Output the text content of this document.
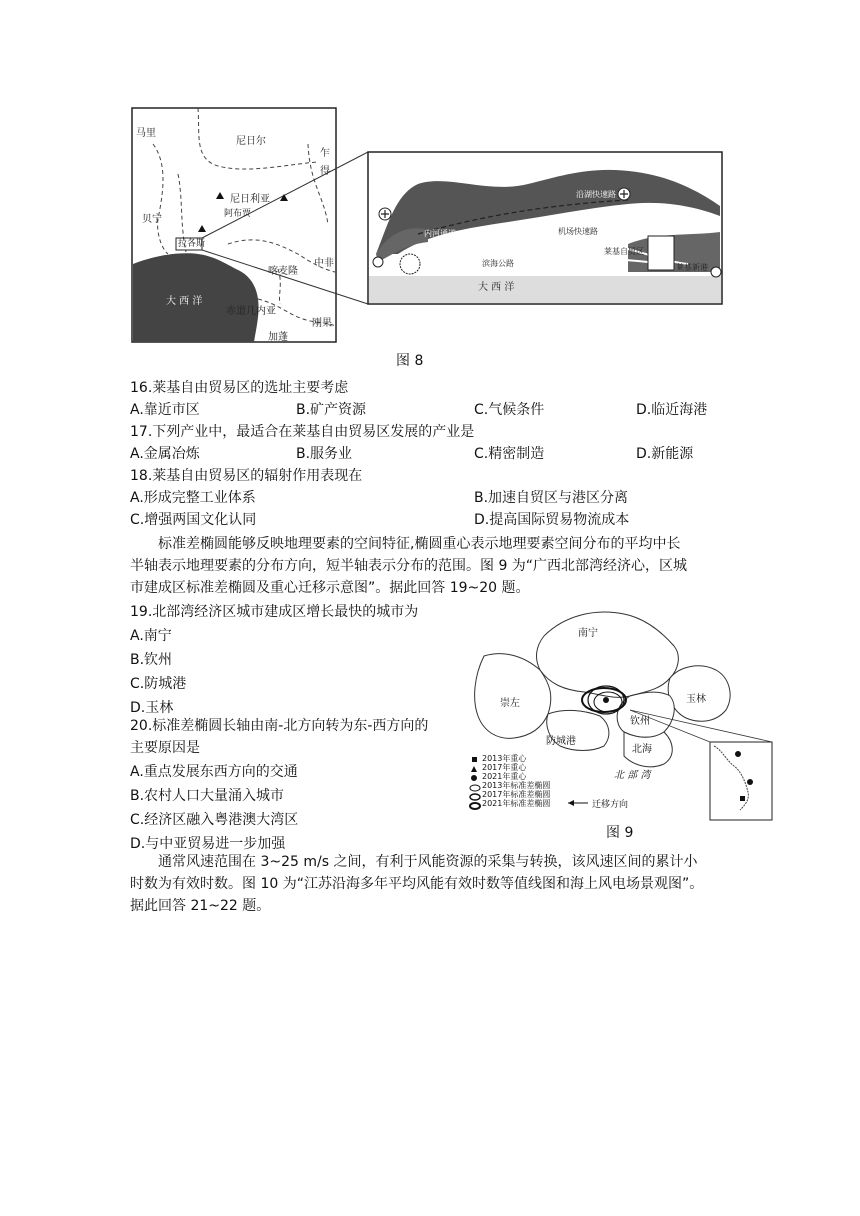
马里
尼日尔
乍
得
贝宁
尼日利亚
阿布贾
拉各斯
中非
喀麦隆
大 西 洋
赤道几内亚
刚果
加蓬
沿湖快速路
莱基国际机场
机场快速路
内河通道
滨海公路
莱基自贸区
莱基新港
大 西 洋
图 8
16.莱基自由贸易区的选址主要考虑
A.靠近市区	B.矿产资源	C.气候条件	D.临近海港
17.下列产业中，最适合在莱基自由贸易区发展的产业是
A.金属冶炼	B.服务业	C.精密制造	D.新能源
18.莱基自由贸易区的辐射作用表现在
A.形成完整工业体系	B.加速自贸区与港区分离
C.增强两国文化认同	D.提高国际贸易物流成本
标准差椭圆能够反映地理要素的空间特征,椭圆重心表示地理要素空间分布的平均中长
半轴表示地理要素的分布方向，短半轴表示分布的范围。图 9 为“广西北部湾经济心，区城
市建成区标准差椭圆及重心迁移示意图”。据此回答 19~20 题。
19.北部湾经济区城市建成区增长最快的城市为
A.南宁
B.钦州
C.防城港
D.玉林
20.标准差椭圆长轴由南-北方向转为东-西方向的
主要原因是
A.重点发展东西方向的交通
B.农村人口大量涌入城市
C.经济区融入粤港澳大湾区
D.与中亚贸易进一步加强
南宁
崇左	玉林
钦州
防城港
北海
北 部 湾
2013年重心
2017年重心
2021年重心
2013年标准差椭圆
2017年标准差椭圆
2021年标准差椭圆	迁移方向
图 9
通常风速范围在 3~25 m/s 之间，有利于风能资源的采集与转换，该风速区间的累计小
时数为有效时数。图 10 为“江苏沿海多年平均风能有效时数等值线图和海上风电场景观图”。
据此回答 21~22 题。
